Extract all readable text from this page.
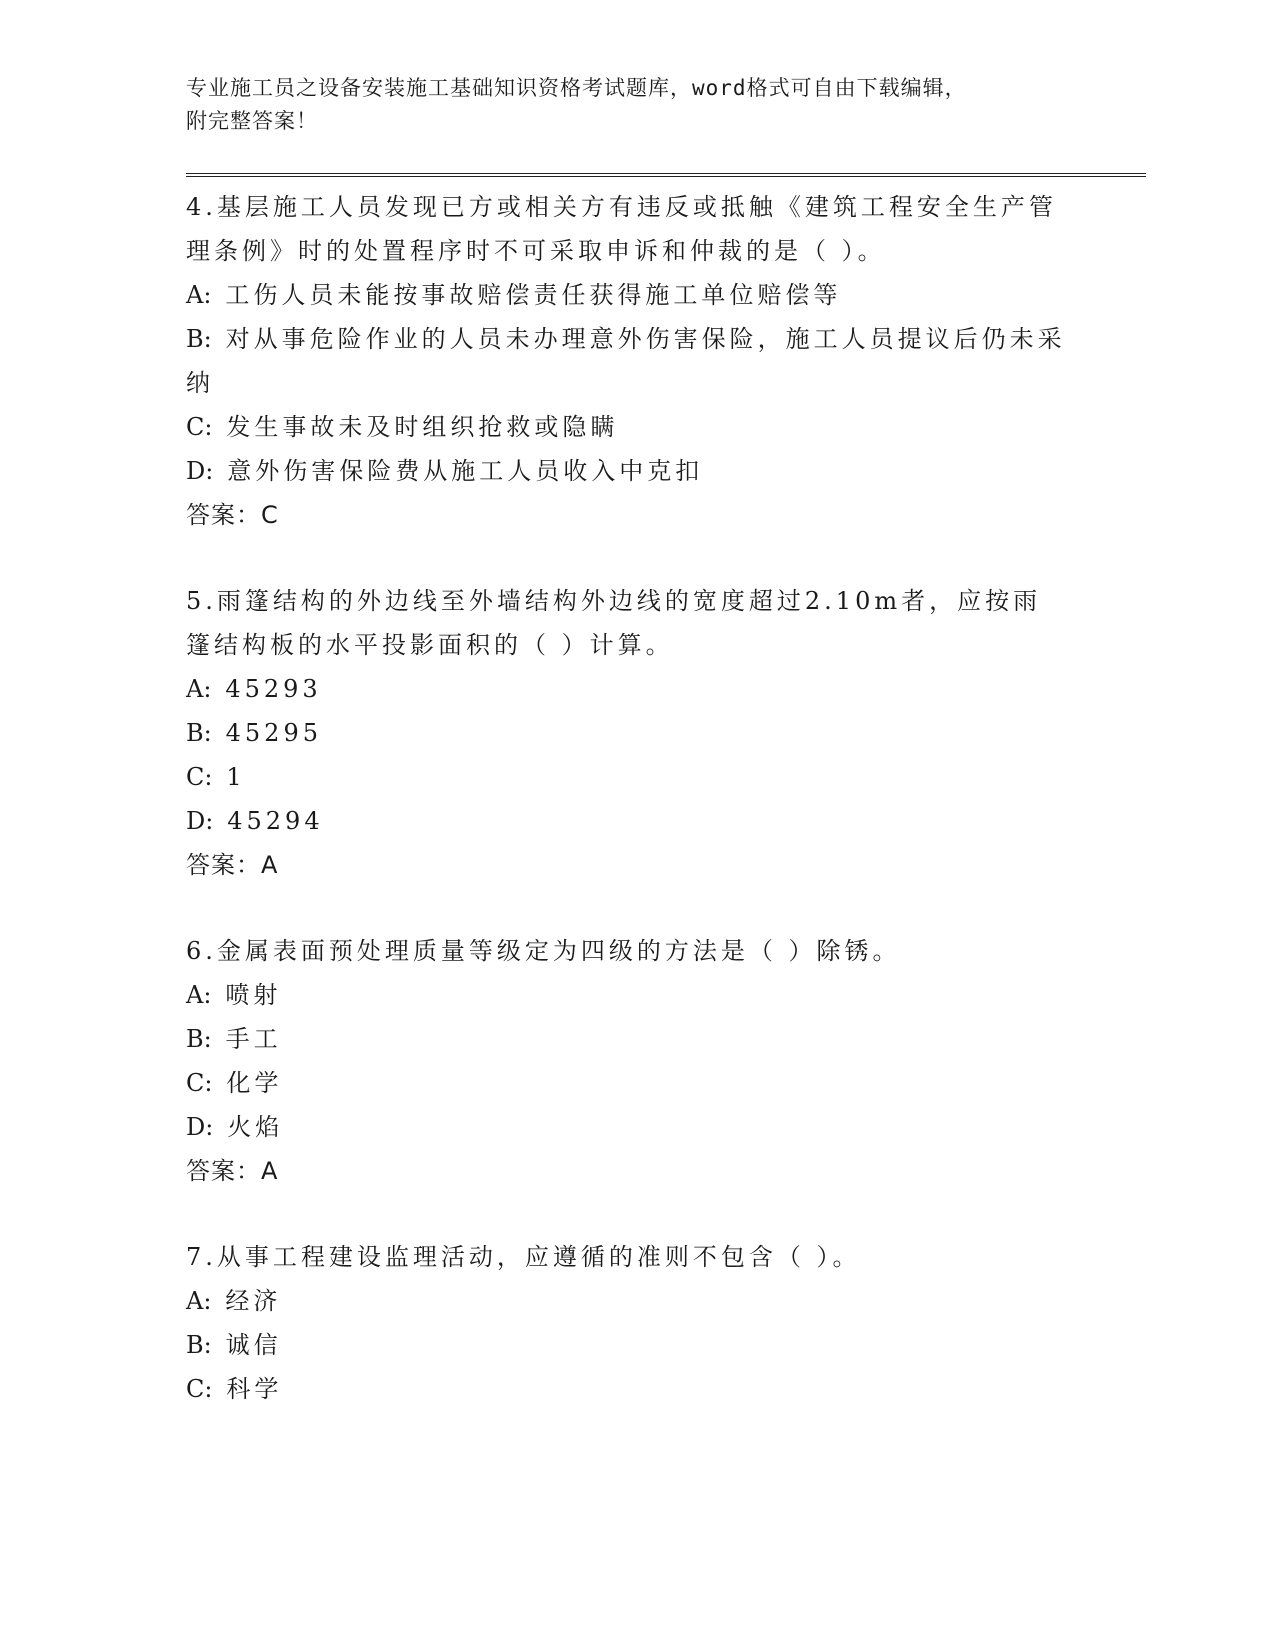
专业施工员之设备安装施工基础知识资格考试题库，word格式可自由下载编辑，
附完整答案！

4.基层施工人员发现已方或相关方有违反或抵触《建筑工程安全生产管理条例》时的处置程序时不可采取申诉和仲裁的是（ ）。

A: 工伤人员未能按事故赔偿责任获得施工单位赔偿等

B: 对从事危险作业的人员未办理意外伤害保险，施工人员提议后仍未采纳

C: 发生事故未及时组织抢救或隐瞒

D: 意外伤害保险费从施工人员收入中克扣

答案：C

5.雨篷结构的外边线至外墙结构外边线的宽度超过2.10m者，应按雨篷结构板的水平投影面积的（ ）计算。

A: 45293

B: 45295

C: 1

D: 45294

答案：A

6.金属表面预处理质量等级定为四级的方法是（ ）除锈。

A: 喷射

B: 手工

C: 化学

D: 火焰

答案：A

7.从事工程建设监理活动，应遵循的准则不包含（ ）。

A: 经济

B: 诚信

C: 科学
